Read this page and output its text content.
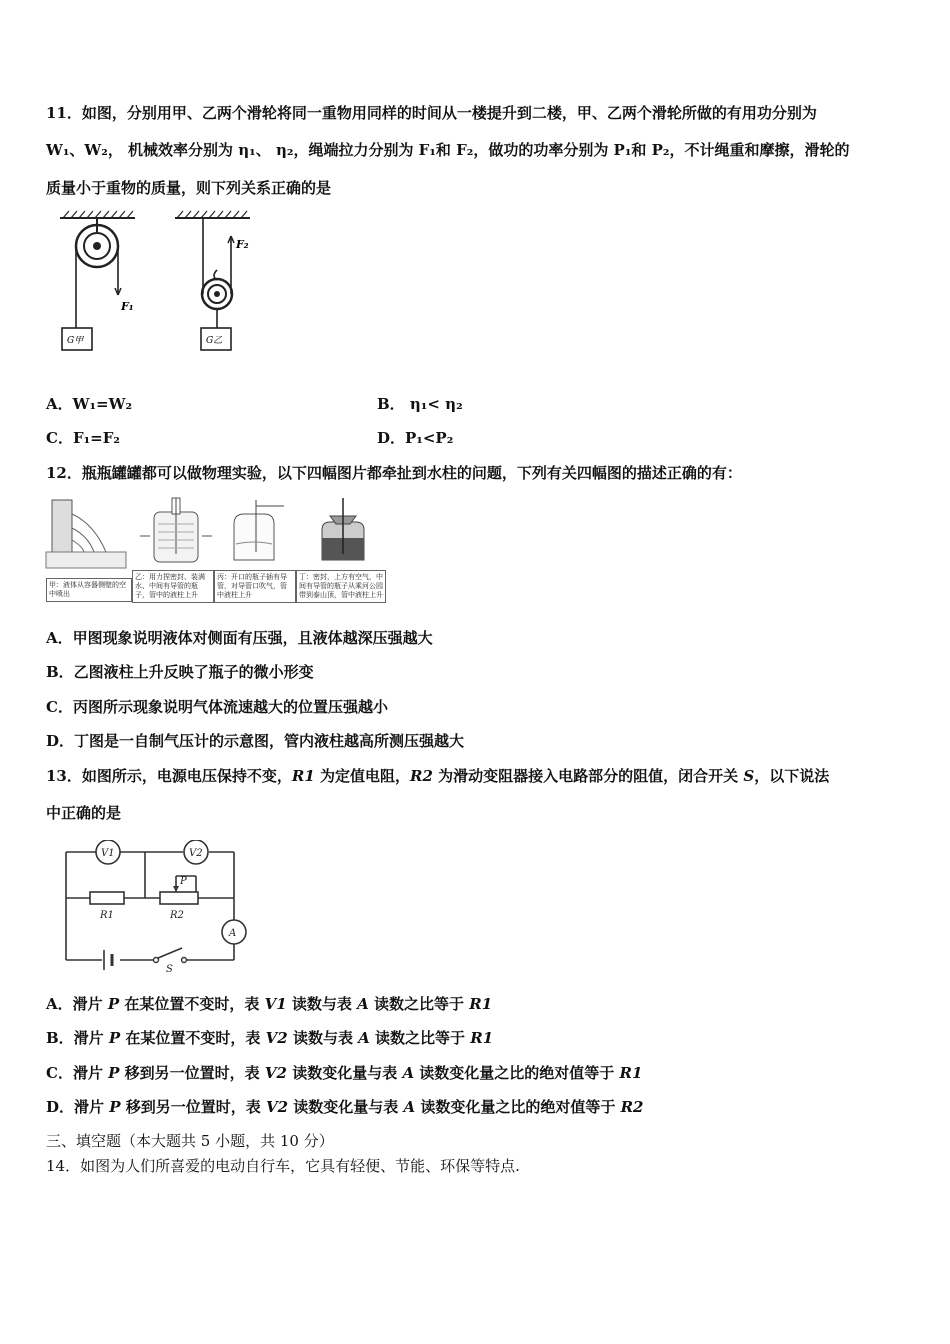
11．如图，分别用甲、乙两个滑轮将同一重物用同样的时间从一楼提升到二楼，甲、乙两个滑轮所做的有用功分别为
W₁、W₂， 机械效率分别为 η₁、 η₂，绳端拉力分别为 F₁和 F₂，做功的功率分别为 P₁和 P₂，不计绳重和摩擦，滑轮的
质量小于重物的质量，则下列关系正确的是
F₁
G甲
F₂
G乙
A．W₁=W₂	B． η₁< η₂
C．F₁=F₂	D．P₁<P₂
12．瓶瓶罐罐都可以做物理实验，以下四幅图片都牵扯到水柱的问题，下列有关四幅图的描述正确的有：
甲：液体从容器侧壁的空中喷出
乙：用力捏密封、装满水、中间有导管的瓶子，管中的液柱上升
丙：开口的瓶子插有导管，对导管口吹气，管中液柱上升
丁：密封，上方有空气，中间有导管的瓶子从乘河公园带到泰山顶，管中液柱上升
A．甲图现象说明液体对侧面有压强，且液体越深压强越大
B．乙图液柱上升反映了瓶子的微小形变
C．丙图所示现象说明气体流速越大的位置压强越小
D．丁图是一自制气压计的示意图，管内液柱越高所测压强越大
13．如图所示，电源电压保持不变，R1 为定值电阻，R2 为滑动变阻器接入电路部分的阻值，闭合开关 S，以下说法
中正确的是
V1	V2
A
P
R1	R2
S
A．滑片 P 在某位置不变时，表 V1 读数与表 A 读数之比等于 R1
B．滑片 P 在某位置不变时，表 V2 读数与表 A 读数之比等于 R1
C．滑片 P 移到另一位置时，表 V2 读数变化量与表 A 读数变化量之比的绝对值等于 R1
D．滑片 P 移到另一位置时，表 V2 读数变化量与表 A 读数变化量之比的绝对值等于 R2
三、填空题（本大题共 5 小题，共 10 分）
14．如图为人们所喜爱的电动自行车，它具有轻便、节能、环保等特点.
